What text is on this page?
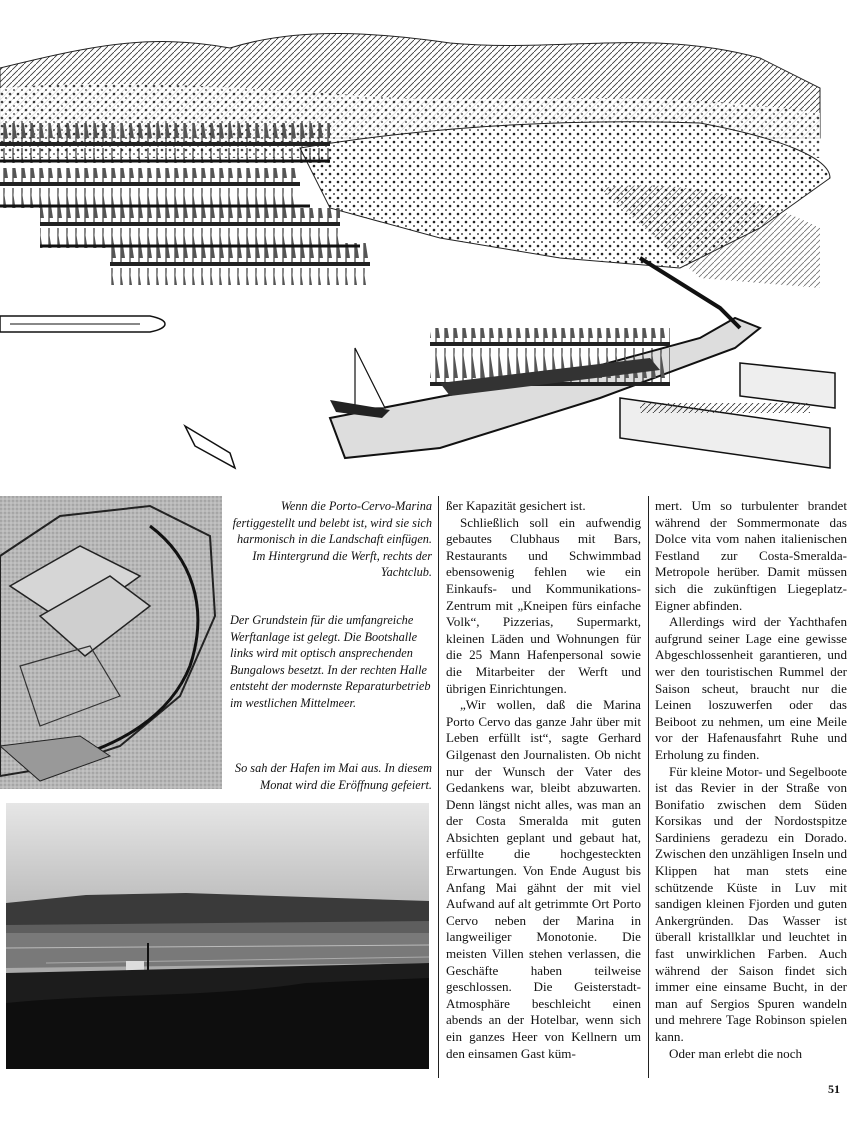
Wenn die Porto-Cervo-Marina fertiggestellt und belebt ist, wird sie sich harmonisch in die Landschaft einfügen. Im Hintergrund die Werft, rechts der Yachtclub.

Der Grundstein für die umfangreiche Werftanlage ist gelegt. Die Bootshalle links wird mit optisch ansprechenden Bungalows besetzt. In der rechten Halle entsteht der modernste Reparaturbetrieb im westlichen Mittelmeer.

So sah der Hafen im Mai aus. In diesem Monat wird die Eröffnung gefeiert.

ßer Kapazität gesichert ist.

Schließlich soll ein aufwendig gebautes Clubhaus mit Bars, Restaurants und Schwimmbad ebensowenig fehlen wie ein Einkaufs- und Kommunikations-Zentrum mit „Kneipen fürs einfache Volk“, Pizzerias, Supermarkt, kleinen Läden und Wohnungen für die 25 Mann Hafenpersonal sowie die Mitarbeiter der Werft und übrigen Einrichtungen.

„Wir wollen, daß die Marina Porto Cervo das ganze Jahr über mit Leben erfüllt ist“, sagte Gerhard Gilgenast den Journalisten. Ob nicht nur der Wunsch der Vater des Gedankens war, bleibt abzuwarten. Denn längst nicht alles, was man an der Costa Smeralda mit guten Absichten geplant und gebaut hat, erfüllte die hochgesteckten Erwartungen. Von Ende August bis Anfang Mai gähnt der mit viel Aufwand auf alt getrimmte Ort Porto Cervo neben der Marina in langweiliger Monotonie. Die meisten Villen stehen verlassen, die Geschäfte haben teilweise geschlossen. Die Geisterstadt-Atmosphäre beschleicht einen abends an der Hotelbar, wenn sich ein ganzes Heer von Kellnern um den einsamen Gast küm-

mert. Um so turbulenter brandet während der Sommermonate das Dolce vita vom nahen italienischen Festland zur Costa-Smeralda-Metropole herüber. Damit müssen sich die zukünftigen Liegeplatz-Eigner abfinden.

Allerdings wird der Yachthafen aufgrund seiner Lage eine gewisse Abgeschlossenheit garantieren, und wer den touristischen Rummel der Saison scheut, braucht nur die Leinen loszuwerfen oder das Beiboot zu nehmen, um eine Meile vor der Hafenausfahrt Ruhe und Erholung zu finden.

Für kleine Motor- und Segelboote ist das Revier in der Straße von Bonifatio zwischen dem Süden Korsikas und der Nordostspitze Sardiniens geradezu ein Dorado. Zwischen den unzähligen Inseln und Klippen hat man stets eine schützende Küste in Luv mit sandigen kleinen Fjorden und guten Ankergründen. Das Wasser ist überall kristallklar und leuchtet in fast unwirklichen Farben. Auch während der Saison findet sich immer eine einsame Bucht, in der man auf Sergios Spuren wandeln und mehrere Tage Robinson spielen kann.

Oder man erlebt die noch

51
